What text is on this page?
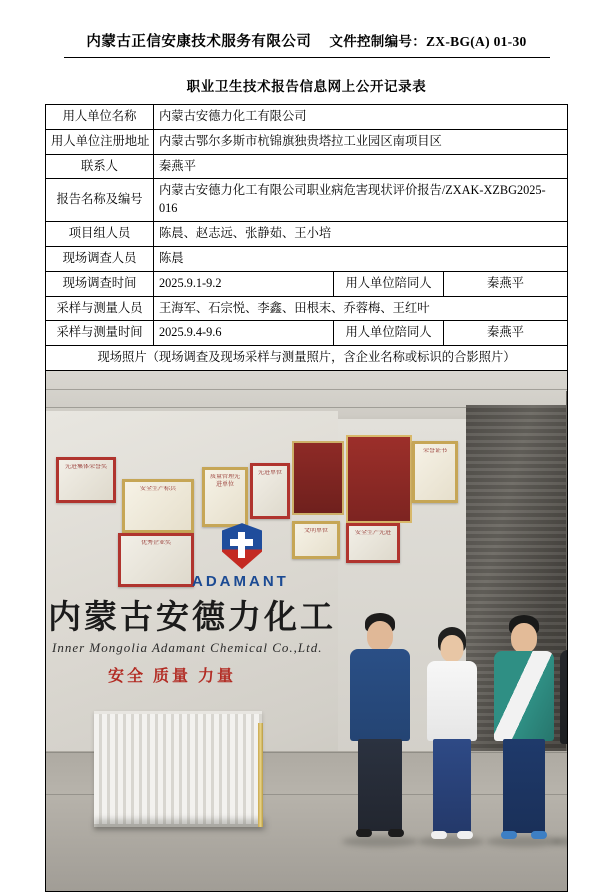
内蒙古正信安康技术服务有限公司 文件控制编号：ZX-BG(A) 01-30
职业卫生技术报告信息网上公开记录表
用人单位名称	内蒙古安德力化工有限公司		
用人单位注册地址	内蒙古鄂尔多斯市杭锦旗独贵塔拉工业园区南项目区		
联系人	秦燕平		
报告名称及编号	内蒙古安德力化工有限公司职业病危害现状评价报告/ZXAK-XZBG2025-016		
项目组人员	陈晨、赵志远、张静茹、王小培		
现场调查人员	陈晨		
现场调查时间	2025.9.1-9.2	用人单位陪同人	秦燕平
采样与测量人员	王海军、石宗悦、李鑫、田根末、乔蓉梅、王红叶		
采样与测量时间	2025.9.4-9.6	用人单位陪同人	秦燕平
现场照片（现场调查及现场采样与测量照片，含企业名称或标识的合影照片）			

先进集体荣誉奖
安全生产标兵
优秀企业奖
质量管理先进单位
先进单位
荣誉证书
安全生产先进
文明单位
ADAMANT
内蒙古安德力化工
Inner Mongolia Adamant Chemical Co.,Ltd.
安全 质量 力量
